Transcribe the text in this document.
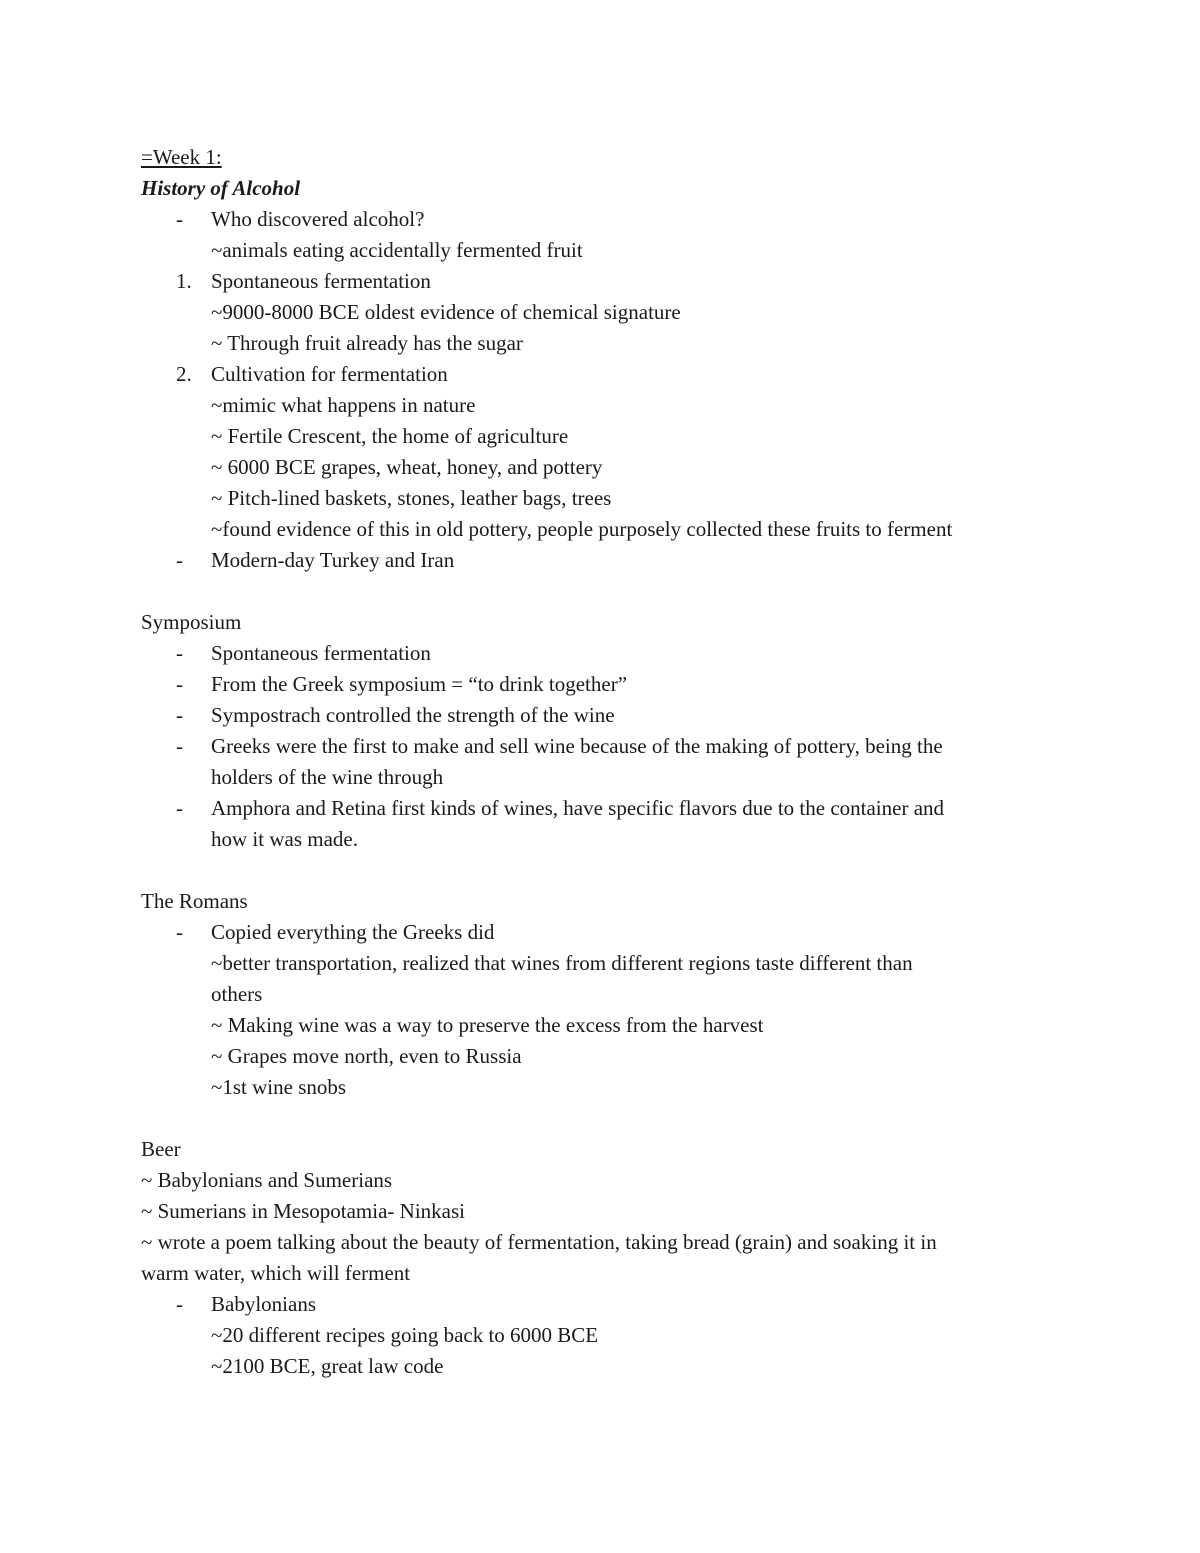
=Week 1:
History of Alcohol
- Who discovered alcohol?
~animals eating accidentally fermented fruit
1. Spontaneous fermentation
~9000-8000 BCE oldest evidence of chemical signature
~ Through fruit already has the sugar
2. Cultivation for fermentation
~mimic what happens in nature
~ Fertile Crescent, the home of agriculture
~ 6000 BCE grapes, wheat, honey, and pottery
~ Pitch-lined baskets, stones, leather bags, trees
~found evidence of this in old pottery, people purposely collected these fruits to ferment
- Modern-day Turkey and Iran
Symposium
- Spontaneous fermentation
- From the Greek symposium = “to drink together”
- Sympostrach controlled the strength of the wine
- Greeks were the first to make and sell wine because of the making of pottery, being the
holders of the wine through
- Amphora and Retina first kinds of wines, have specific flavors due to the container and
how it was made.
The Romans
- Copied everything the Greeks did
~better transportation, realized that wines from different regions taste different than
others
~ Making wine was a way to preserve the excess from the harvest
~ Grapes move north, even to Russia
~1st wine snobs
Beer
~ Babylonians and Sumerians
~ Sumerians in Mesopotamia- Ninkasi
~ wrote a poem talking about the beauty of fermentation, taking bread (grain) and soaking it in
warm water, which will ferment
- Babylonians
~20 different recipes going back to 6000 BCE
~2100 BCE, great law code
